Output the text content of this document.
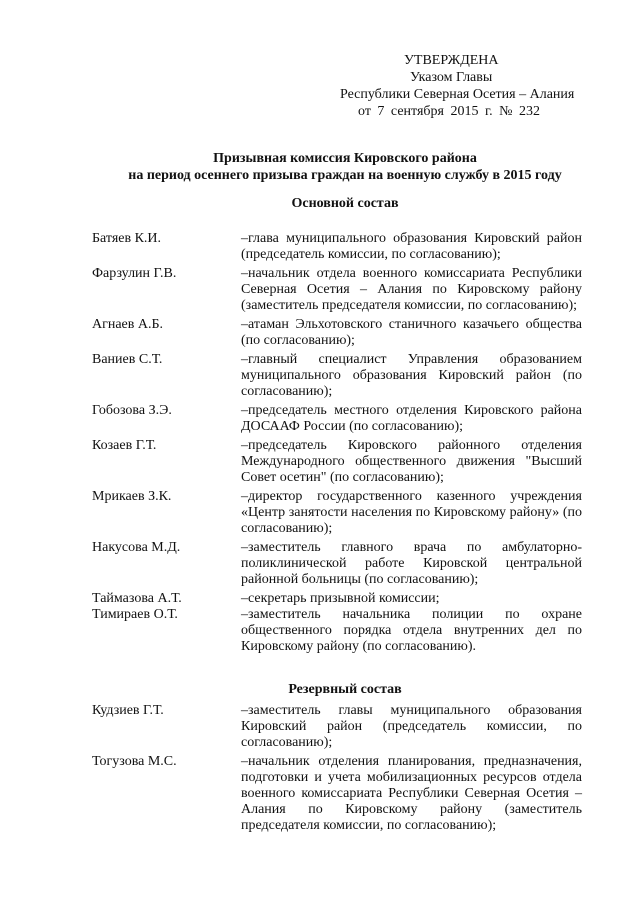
УТВЕРЖДЕНА
Указом Главы
Республики Северная Осетия – Алания
от 7 сентября 2015 г. № 232
Призывная комиссия Кировского района
на период осеннего призыва граждан на военную службу в 2015 году
Основной состав
Батяев К.И.	–глава муниципального образования Кировский район (председатель комиссии, по согласованию);
Фарзулин Г.В.	–начальник отдела военного комиссариата Республики Северная Осетия – Алания по Кировскому району (заместитель председателя комиссии, по согласованию);
Агнаев А.Б.	–атаман Эльхотовского станичного казачьего общества (по согласованию);
Ваниев С.Т.	–главный специалист Управления образованием муниципального образования Кировский район (по согласованию);
Гобозова З.Э.	–председатель местного отделения Кировского района ДОСААФ России (по согласованию);
Козаев Г.Т.	–председатель Кировского районного отделения Международного общественного движения "Высший Совет осетин" (по согласованию);
Мрикаев З.К.	–директор государственного казенного учреждения «Центр занятости населения по Кировскому району» (по согласованию);
Накусова М.Д.	–заместитель главного врача по амбулаторно-поликлинической работе Кировской центральной районной больницы (по согласованию);
Таймазова А.Т.	–секретарь призывной комиссии;
Тимираев О.Т.	–заместитель начальника полиции по охране общественного порядка отдела внутренних дел по Кировскому району (по согласованию).
Резервный состав
Кудзиев Г.Т.	–заместитель главы муниципального образования Кировский район (председатель комиссии, по согласованию);
Тогузова М.С.	–начальник отделения планирования, предназначения, подготовки и учета мобилизационных ресурсов отдела военного комиссариата Республики Северная Осетия – Алания по Кировскому району (заместитель председателя комиссии, по согласованию);
